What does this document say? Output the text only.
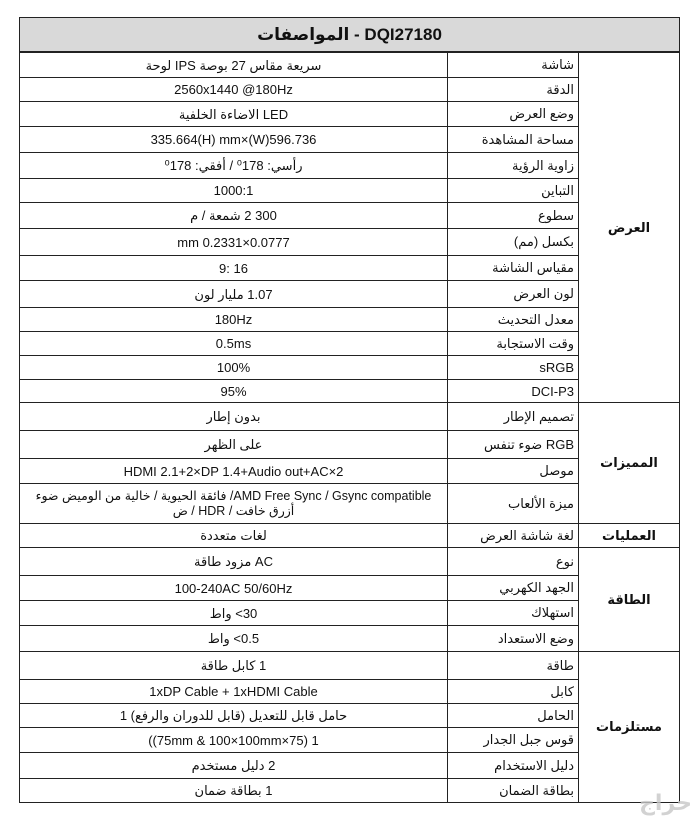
DQI27180 - المواصفات
العرض	شاشة	سريعة مقاس 27 بوصة IPS لوحة
	الدقة	2560x1440 @180Hz
	وضع العرض	LED الاضاءة الخلفية
	مساحة المشاهدة	596.736(W)×335.664(H) mm
	زاوية الرؤية	رأسي: ⁰178 / أفقي: ⁰178
	التباين	1000:1
	سطوع	300 2 شمعة / م
	بكسل (مم)	0.0777×0.2331 mm
	مقياس الشاشة	16 :9
	لون العرض	1.07 مليار لون
	معدل التحديث	180Hz
	وقت الاستجابة	0.5ms
	sRGB	100%
	DCI-P3	95%
المميزات	تصميم الإطار	بدون إطار
	RGB ضوء تنفس	على الظهر
	موصل	2×HDMI 2.1+2×DP 1.4+Audio out+AC
	ميزة الألعاب	AMD Free Sync / Gsync compatible/ فائقة الحيوية / خالية من الوميض ضوء أزرق خافت / HDR / ض
العمليات	لغة شاشة العرض	لغات متعددة
الطاقة	نوع	AC مزود طاقة
	الجهد الكهربي	100-240AC 50/60Hz
	استهلاك	30> واط
	وضع الاستعداد	0.5> واط
مستلزمات	طاقة	1 كابل طاقة
	كابل	1xDP Cable + 1xHDMI Cable
	الحامل	حامل قابل للتعديل (قابل للدوران والرفع) 1
	قوس جبل الجدار	1 (75×75mm & 100×100mm))
	دليل الاستخدام	2 دليل مستخدم
	بطاقة الضمان	1 بطاقة ضمان	حراج
